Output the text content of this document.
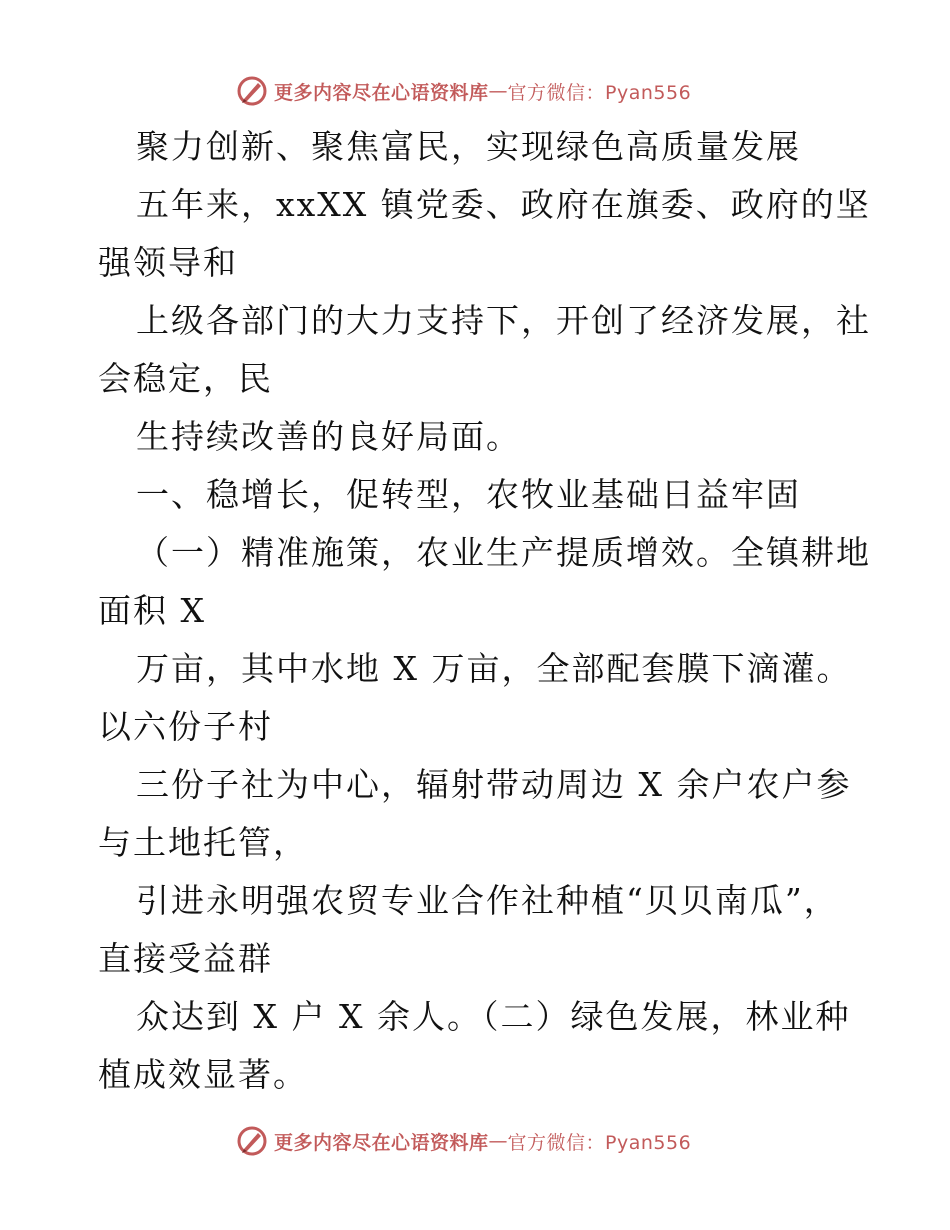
更多内容尽在心语资料库 — 官方微信：Pyan556
聚力创新、聚焦富民，实现绿色高质量发展
五年来，xxXX 镇党委、政府在旗委、政府的坚
强领导和
上级各部门的大力支持下，开创了经济发展，社
会稳定，民
生持续改善的良好局面。
一、稳增长，促转型，农牧业基础日益牢固
（一）精准施策，农业生产提质增效。全镇耕地
面积 X
万亩，其中水地 X 万亩，全部配套膜下滴灌。
以六份子村
三份子社为中心，辐射带动周边 X 余户农户参
与土地托管，
引进永明强农贸专业合作社种植“贝贝南瓜”，
直接受益群
众达到 X 户 X 余人。（二）绿色发展，林业种
植成效显著。
更多内容尽在心语资料库 — 官方微信：Pyan556
